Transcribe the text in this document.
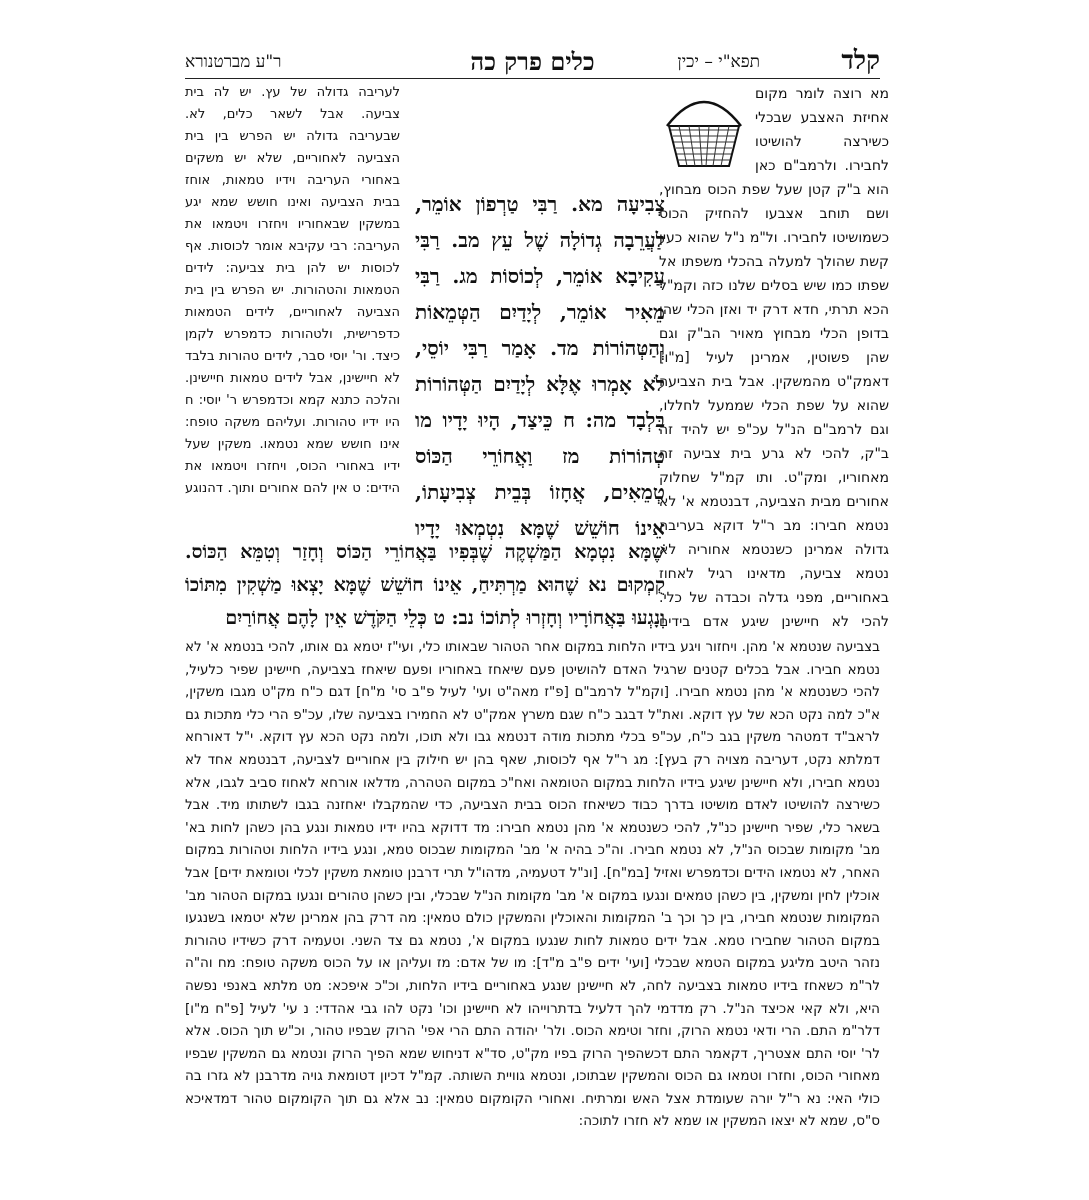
קלד
תפא"י – יכין
כלים פרק כה
ר"ע מברטנורא

מא רוצה לומר מקום אחיזת האצבע שבכלי כשירצה להושיטו לחבירו. ולרמב"ם כאן הוא ב"ק קטן שעל שפת הכוס מבחוץ, ושם תוחב אצבעו להחזיק הכוס כשמושיטו לחבירו. ול"מ נ"ל שהוא כעין קשת שהולך למעלה בהכלי משפתו אל שפתו כמו שיש בסלים שלנו כזה וקמ"ל הכא תרתי, חדא דרק יד ואזן הכלי שהן בדופן הכלי מבחוץ מאויר הב"ק וגם שהן פשוטין, אמרינן לעיל [מ"ו] דאמק"ט מהמשקין. אבל בית הצביעה שהוא על שפת הכלי שממעל לחללו, וגם לרמב"ם הנ"ל עכ"פ יש להיד זה ב"ק, להכי לא גרע בית צביעה זה מאחוריו, ומק"ט. ותו קמ"ל שחלוק אחורים מבית הצביעה, דבנטמא א' לא נטמא חבירו: מב ר"ל דוקא בעריבה גדולה אמרינן כשנטמא אחוריה לא נטמא צביעה, מדאינו רגיל לאחוז באחוריים, מפני גדלה וכבדה של כלי. להכי לא חיישינן שיגע אדם בידים

צְבִיעָה מא. רַבִּי טַרְפוֹן אוֹמֵר, לַעֲרֵבָה גְדוֹלָה שֶׁל עֵץ מב. רַבִּי עֲקִיבָא אוֹמֵר, לְכוֹסוֹת מג. רַבִּי מֵאִיר אוֹמֵר, לְיָדַיִם הַטְּמֵאוֹת וְהַטְּהוֹרוֹת מד. אָמַר רַבִּי יוֹסֵי, לֹא אָמְרוּ אֶלָּא לְיָדַיִם הַטְּהוֹרוֹת בִּלְבָד מה: ח כֵּיצַד, הָיוּ יָדָיו מו טְהוֹרוֹת מז וַאֲחוֹרֵי הַכּוֹס טְמֵאִים, אֲחָזוֹ בְּבֵית צְבִיעָתוֹ, אֵינוֹ חוֹשֵׁשׁ שֶׁמָּא נִטְמְאוּ יָדָיו

לעריבה גדולה של עץ. יש לה בית צביעה. אבל לשאר כלים, לא. שבעריבה גדולה יש הפרש בין בית הצביעה לאחוריים, שלא יש משקים באחורי העריבה וידיו טמאות, אוחז בבית הצביעה ואינו חושש שמא יגע במשקין שבאחוריו ויחזרו ויטמאו את העריבה: רבי עקיבא אומר לכוסות. אף לכוסות יש להן בית צביעה: לידים הטמאות והטהורות. יש הפרש בין בית הצביעה לאחוריים, לידים הטמאות כדפרישית, ולטהורות כדמפרש לקמן כיצד. ור' יוסי סבר, לידים טהורות בלבד לא חיישינן, אבל לידים טמאות חיישינן. והלכה כתנא קמא וכדמפרש ר' יוסי: ח היו ידיו טהורות. ועליהם משקה טופח: אינו חושש שמא נטמאו. משקין שעל ידיו באחורי הכוס, ויחזרו ויטמאו את הידים: ט אין להם אחורים ותוך. דהנוגע

שֶׁמָּא נִטְמָא הַמַּשְׁקֶה שֶׁבְּפִיו בַּאֲחוֹרֵי הַכּוֹס וְחָזַר וְטִמֵּא הַכּוֹס. קֻמְקוּם נא שֶׁהוּא מַרְתִּיחַ, אֵינוֹ חוֹשֵׁשׁ שֶׁמָּא יָצְאוּ מַשְׁקִין מִתּוֹכוֹ וְנָגְעוּ בַּאֲחוֹרָיו וְחָזְרוּ לְתוֹכוֹ נב: ט כְּלֵי הַקֹּדֶשׁ אֵין לָהֶם אֲחוֹרַיִם

בצביעה שנטמא א' מהן. ויחזור ויגע בידיו הלחות במקום אחר הטהור שבאותו כלי, ועי"ז יטמא גם אותו, להכי בנטמא א' לא נטמא חבירו. אבל בכלים קטנים שרגיל האדם להושיטן פעם שיאחז באחוריו ופעם שיאחז בצביעה, חיישינן שפיר כלעיל, להכי כשנטמא א' מהן נטמא חבירו. [וקמ"ל לרמב"ם [פ"ז מאה"ט ועי' לעיל פ"ב סי' מ"ח] דגם כ"ח מק"ט מגבו משקין, א"כ למה נקט הכא של עץ דוקא. ואת"ל דבגב כ"ח שגם משרץ אמק"ט לא החמירו בצביעה שלו, עכ"פ הרי כלי מתכות גם לראב"ד דמטהר משקין בגב כ"ח, עכ"פ בכלי מתכות מודה דנטמא גבו ולא תוכו, ולמה נקט הכא עץ דוקא. י"ל דאורחא דמלתא נקט, דעריבה מצויה רק בעץ]: מג ר"ל אף לכוסות, שאף בהן יש חילוק בין אחוריים לצביעה, דבנטמא אחד לא נטמא חבירו, ולא חיישינן שיגע בידיו הלחות במקום הטומאה ואח"כ במקום הטהרה, מדלאו אורחא לאחוז סביב לגבו, אלא כשירצה להושיטו לאדם מושיטו בדרך כבוד כשיאחז הכוס בבית הצביעה, כדי שהמקבלו יאחזנה בגבו לשתותו מיד. אבל בשאר כלי, שפיר חיישינן כנ"ל, להכי כשנטמא א' מהן נטמא חבירו: מד דדוקא בהיו ידיו טמאות ונגע בהן כשהן לחות בא' מב' מקומות שבכוס הנ"ל, לא נטמא חבירו. וה"כ בהיה א' מב' המקומות שבכוס טמא, ונגע בידיו הלחות וטהורות במקום האחר, לא נטמאו הידים וכדמפרש ואזיל [במ"ח]. [ונ"ל דטעמיה, מדהו"ל תרי דרבנן טומאת משקין לכלי וטומאת ידים] אבל אוכלין לחין ומשקין, בין כשהן טמאים ונגעו במקום א' מב' מקומות הנ"ל שבכלי, ובין כשהן טהורים ונגעו במקום הטהור מב' המקומות שנטמא חבירו, בין כך וכך ב' המקומות והאוכלין והמשקין כולם טמאין: מה דרק בהן אמרינן שלא יטמאו בשנגעו במקום הטהור שחבירו טמא. אבל ידים טמאות לחות שנגעו במקום א', נטמא גם צד השני. וטעמיה דרק כשידיו טהורות נזהר היטב מליגע במקום הטמא שבכלי [ועי' ידים פ"ב מ"ד]: מו של אדם: מז ועליהן או על הכוס משקה טופח: מח וה"ה לר"מ כשאחז בידיו טמאות בצביעה לחה, לא חיישינן שנגע באחוריים בידיו הלחות, וכ"כ איפכא: מט מלתא באנפי נפשה היא, ולא קאי אכיצד הנ"ל. רק מדדמי להך דלעיל בדתרוייהו לא חיישינן וכו' נקט להו גבי אהדדי: נ עי' לעיל [פ"ח מ"ו] דלר"מ התם. הרי ודאי נטמא הרוק, וחזר וטימא הכוס. ולר' יהודה התם הרי אפי' הרוק שבפיו טהור, וכ"ש תוך הכוס. אלא לר' יוסי התם אצטריך, דקאמר התם דכשהפיך הרוק בפיו מק"ט, סד"א דניחוש שמא הפיך הרוק ונטמא גם המשקין שבפיו מאחורי הכוס, וחזרו וטמאו גם הכוס והמשקין שבתוכו, ונטמא גוויית השותה. קמ"ל דכיון דטומאת גויה מדרבנן לא גזרו בה כולי האי: נא ר"ל יורה שעומדת אצל האש ומרתיח. ואחורי הקומקום טמאין: נב אלא גם תוך הקומקום טהור דמדאיכא ס"ס, שמא לא יצאו המשקין או שמא לא חזרו לתוכה:
